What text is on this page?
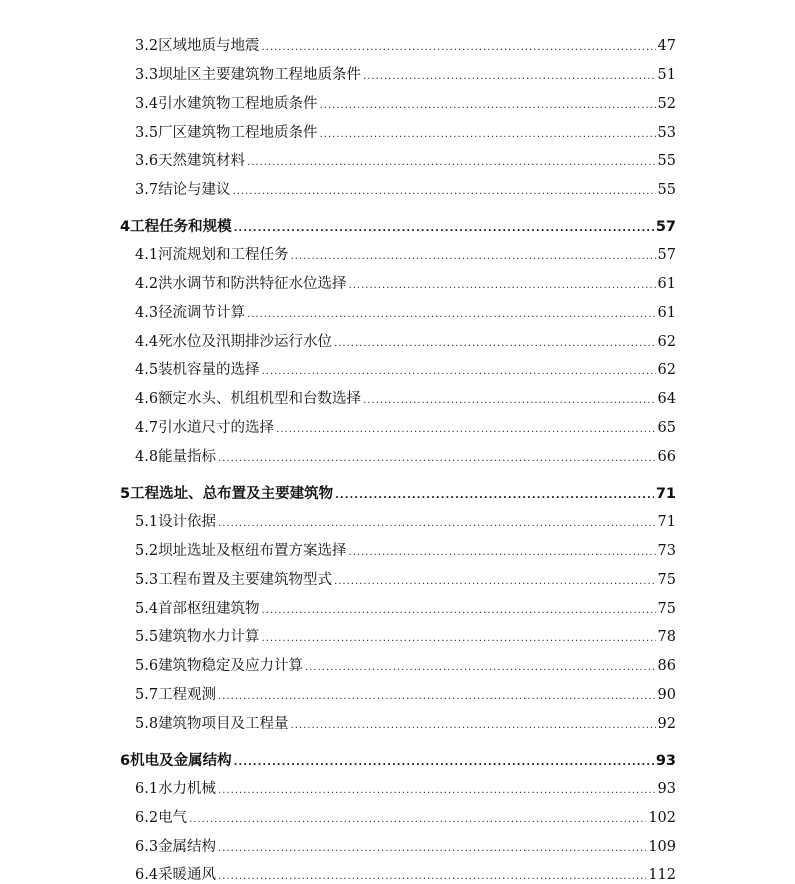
3.2 区域地质与地震 .....	47
3.3 坝址区主要建筑物工程地质条件 .....	51
3.4 引水建筑物工程地质条件 .....	52
3.5 厂区建筑物工程地质条件 .....	53
3.6 天然建筑材料 .....	55
3.7 结论与建议 .....	55
4 工程任务和规模 .....	57
4.1 河流规划和工程任务 .....	57
4.2 洪水调节和防洪特征水位选择 .....	61
4.3 径流调节计算 .....	61
4.4 死水位及汛期排沙运行水位 .....	62
4.5 装机容量的选择 .....	62
4.6 额定水头、机组机型和台数选择 .....	64
4.7 引水道尺寸的选择 .....	65
4.8 能量指标 .....	66
5 工程选址、总布置及主要建筑物 .....	71
5.1 设计依据 .....	71
5.2 坝址选址及枢纽布置方案选择 .....	73
5.3 工程布置及主要建筑物型式 .....	75
5.4 首部枢纽建筑物 .....	75
5.5 建筑物水力计算 .....	78
5.6 建筑物稳定及应力计算 .....	86
5.7 工程观测 .....	90
5.8 建筑物项目及工程量 .....	92
6 机电及金属结构 .....	93
6.1 水力机械 .....	93
6.2 电气 .....	102
6.3 金属结构 .....	109
6.4 采暖通风 .....	112
